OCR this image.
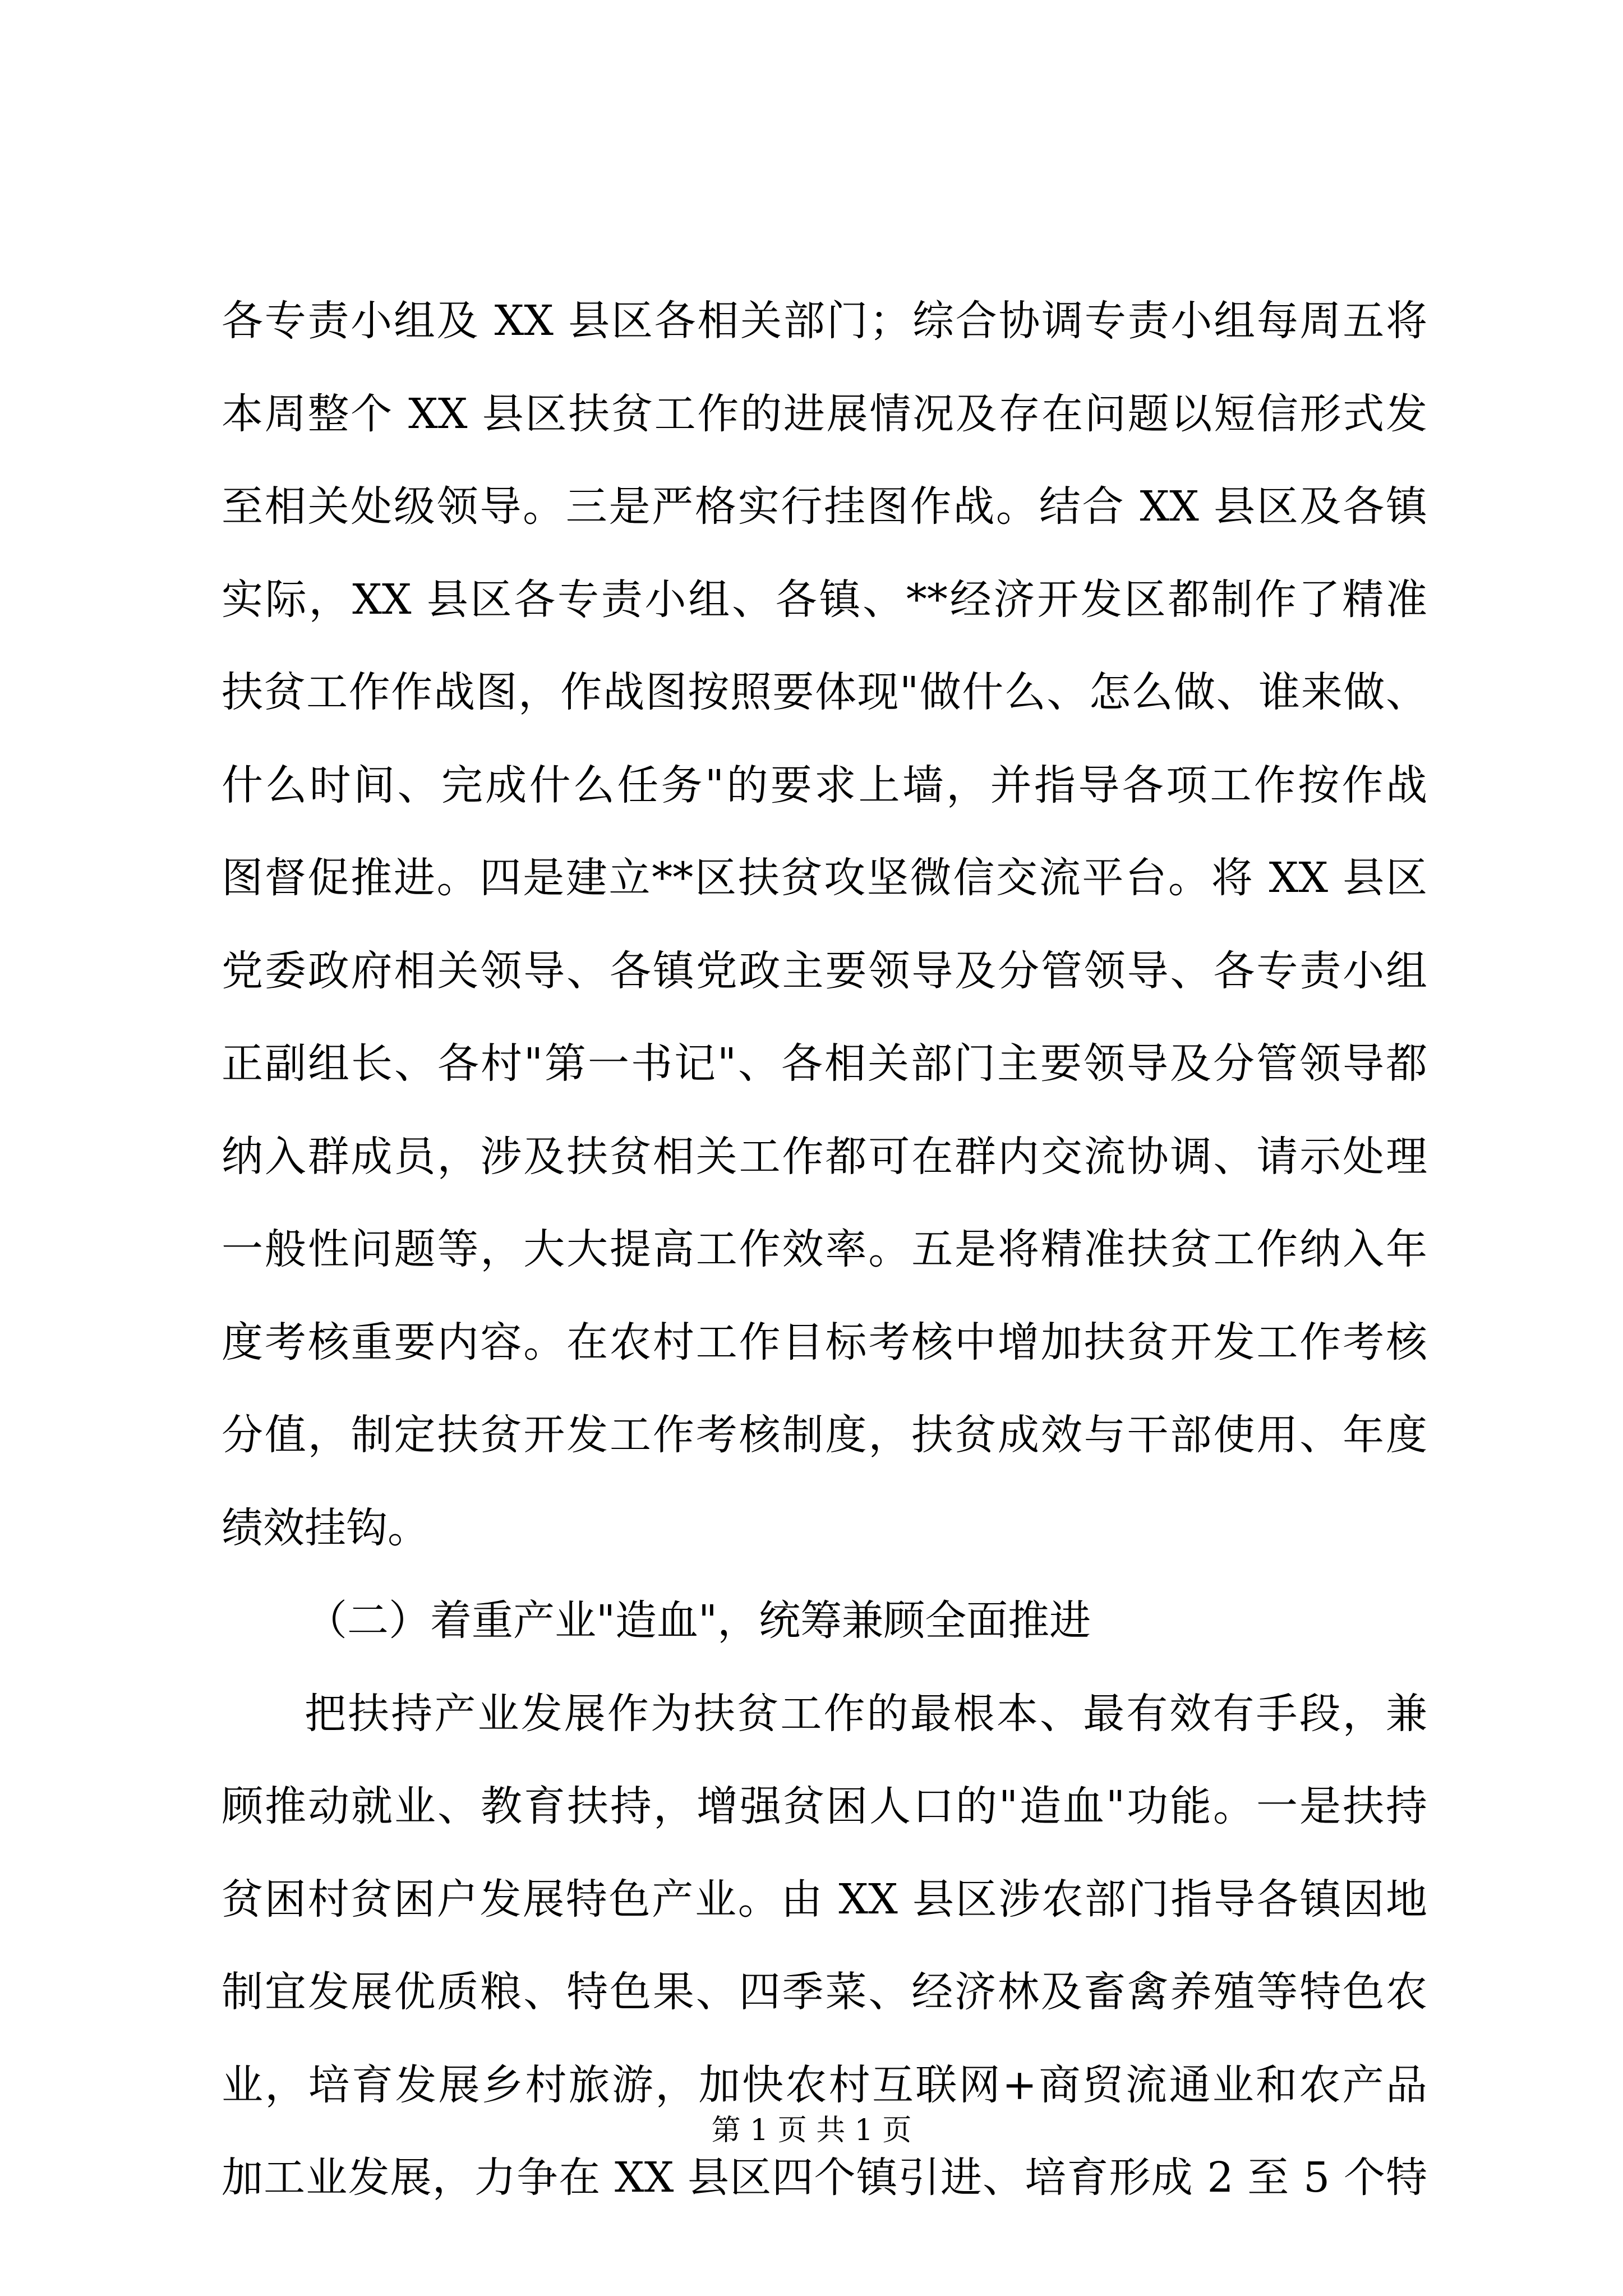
各专责小组及 XX 县区各相关部门；综合协调专责小组每周五将
本周整个 XX 县区扶贫工作的进展情况及存在问题以短信形式发
至相关处级领导。三是严格实行挂图作战。结合 XX 县区及各镇
实际，XX 县区各专责小组、各镇、**经济开发区都制作了精准
扶贫工作作战图，作战图按照要体现"做什么、怎么做、谁来做、
什么时间、完成什么任务"的要求上墙，并指导各项工作按作战
图督促推进。四是建立**区扶贫攻坚微信交流平台。将 XX 县区
党委政府相关领导、各镇党政主要领导及分管领导、各专责小组
正副组长、各村"第一书记"、各相关部门主要领导及分管领导都
纳入群成员，涉及扶贫相关工作都可在群内交流协调、请示处理
一般性问题等，大大提高工作效率。五是将精准扶贫工作纳入年
度考核重要内容。在农村工作目标考核中增加扶贫开发工作考核
分值，制定扶贫开发工作考核制度，扶贫成效与干部使用、年度
绩效挂钩。
（二）着重产业"造血"，统筹兼顾全面推进
把扶持产业发展作为扶贫工作的最根本、最有效有手段，兼
顾推动就业、教育扶持，增强贫困人口的"造血"功能。一是扶持
贫困村贫困户发展特色产业。由 XX 县区涉农部门指导各镇因地
制宜发展优质粮、特色果、四季菜、经济林及畜禽养殖等特色农
业，培育发展乡村旅游，加快农村互联网+商贸流通业和农产品
加工业发展，力争在 XX 县区四个镇引进、培育形成 2 至 5 个特
第 1 页 共 1 页
